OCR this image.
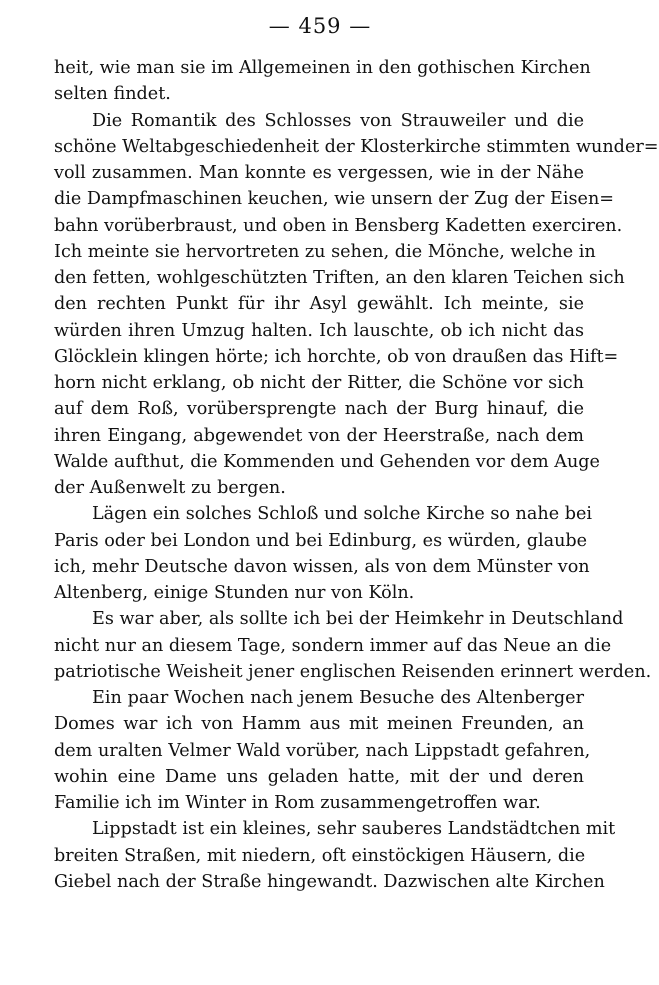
— 459 —
heit, wie man sie im Allgemeinen in den gothischen Kirchen
selten findet.
Die Romantik des Schlosses von Strauweiler und die
schöne Weltabgeschiedenheit der Klosterkirche stimmten wunder=
voll zusammen. Man konnte es vergessen, wie in der Nähe
die Dampfmaschinen keuchen, wie unsern der Zug der Eisen=
bahn vorüberbraust, und oben in Bensberg Kadetten exerciren.
Ich meinte sie hervortreten zu sehen, die Mönche, welche in
den fetten, wohlgeschützten Triften, an den klaren Teichen sich
den rechten Punkt für ihr Asyl gewählt. Ich meinte, sie
würden ihren Umzug halten. Ich lauschte, ob ich nicht das
Glöcklein klingen hörte; ich horchte, ob von draußen das Hift=
horn nicht erklang, ob nicht der Ritter, die Schöne vor sich
auf dem Roß, vorübersprengte nach der Burg hinauf, die
ihren Eingang, abgewendet von der Heerstraße, nach dem
Walde aufthut, die Kommenden und Gehenden vor dem Auge
der Außenwelt zu bergen.
Lägen ein solches Schloß und solche Kirche so nahe bei
Paris oder bei London und bei Edinburg, es würden, glaube
ich, mehr Deutsche davon wissen, als von dem Münster von
Altenberg, einige Stunden nur von Köln.
Es war aber, als sollte ich bei der Heimkehr in Deutschland
nicht nur an diesem Tage, sondern immer auf das Neue an die
patriotische Weisheit jener englischen Reisenden erinnert werden.
Ein paar Wochen nach jenem Besuche des Altenberger
Domes war ich von Hamm aus mit meinen Freunden, an
dem uralten Velmer Wald vorüber, nach Lippstadt gefahren,
wohin eine Dame uns geladen hatte, mit der und deren
Familie ich im Winter in Rom zusammengetroffen war.
Lippstadt ist ein kleines, sehr sauberes Landstädtchen mit
breiten Straßen, mit niedern, oft einstöckigen Häusern, die
Giebel nach der Straße hingewandt. Dazwischen alte Kirchen
